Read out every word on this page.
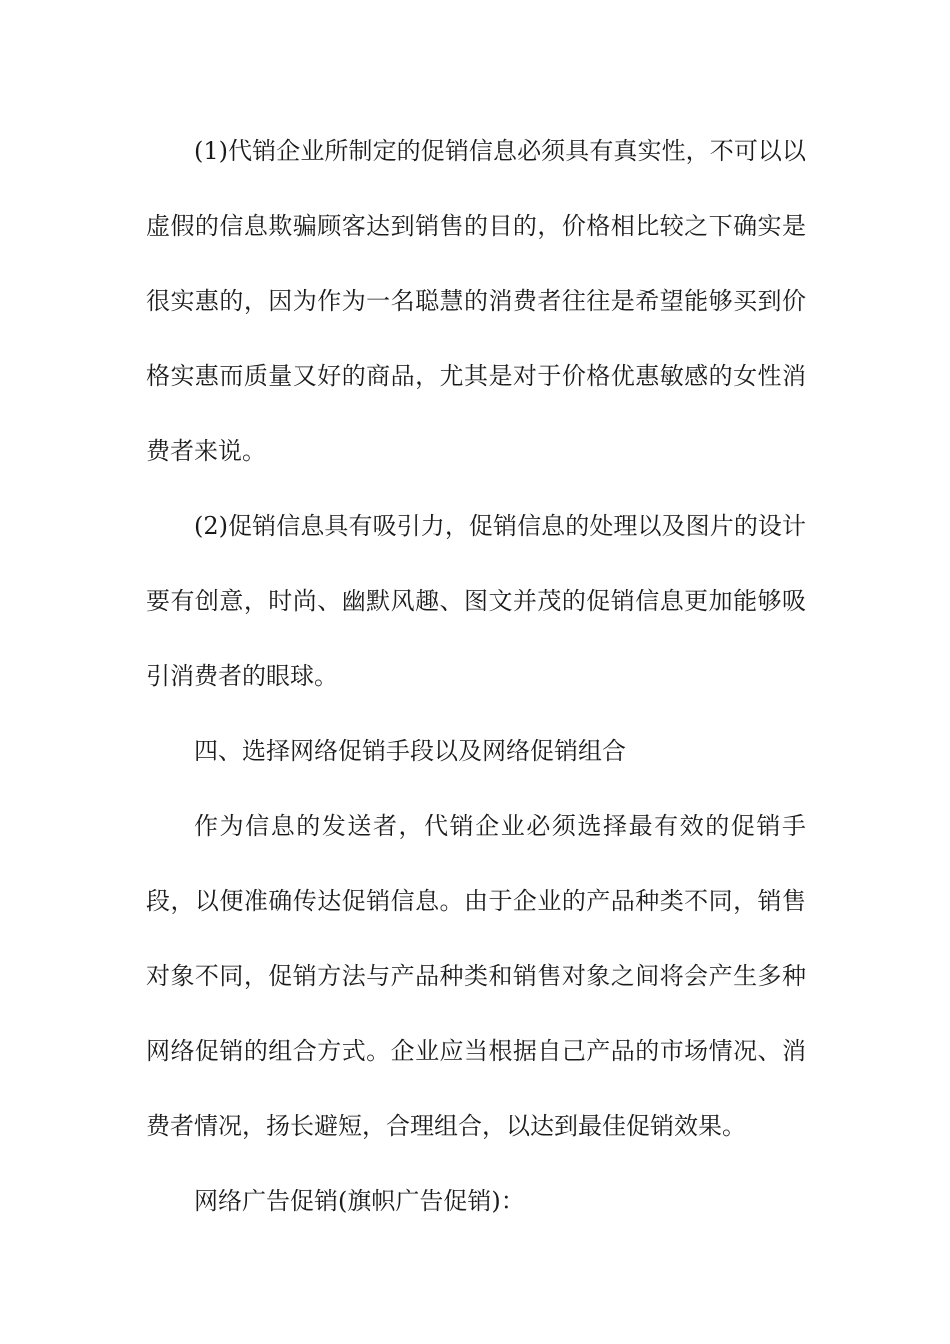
(1)代销企业所制定的促销信息必须具有真实性，不可以以虚假的信息欺骗顾客达到销售的目的，价格相比较之下确实是很实惠的，因为作为一名聪慧的消费者往往是希望能够买到价格实惠而质量又好的商品，尤其是对于价格优惠敏感的女性消费者来说。

(2)促销信息具有吸引力，促销信息的处理以及图片的设计要有创意，时尚、幽默风趣、图文并茂的促销信息更加能够吸引消费者的眼球。

四、选择网络促销手段以及网络促销组合

作为信息的发送者，代销企业必须选择最有效的促销手段，以便准确传达促销信息。由于企业的产品种类不同，销售对象不同，促销方法与产品种类和销售对象之间将会产生多种网络促销的组合方式。企业应当根据自己产品的市场情况、消费者情况，扬长避短，合理组合，以达到最佳促销效果。

网络广告促销(旗帜广告促销)：
